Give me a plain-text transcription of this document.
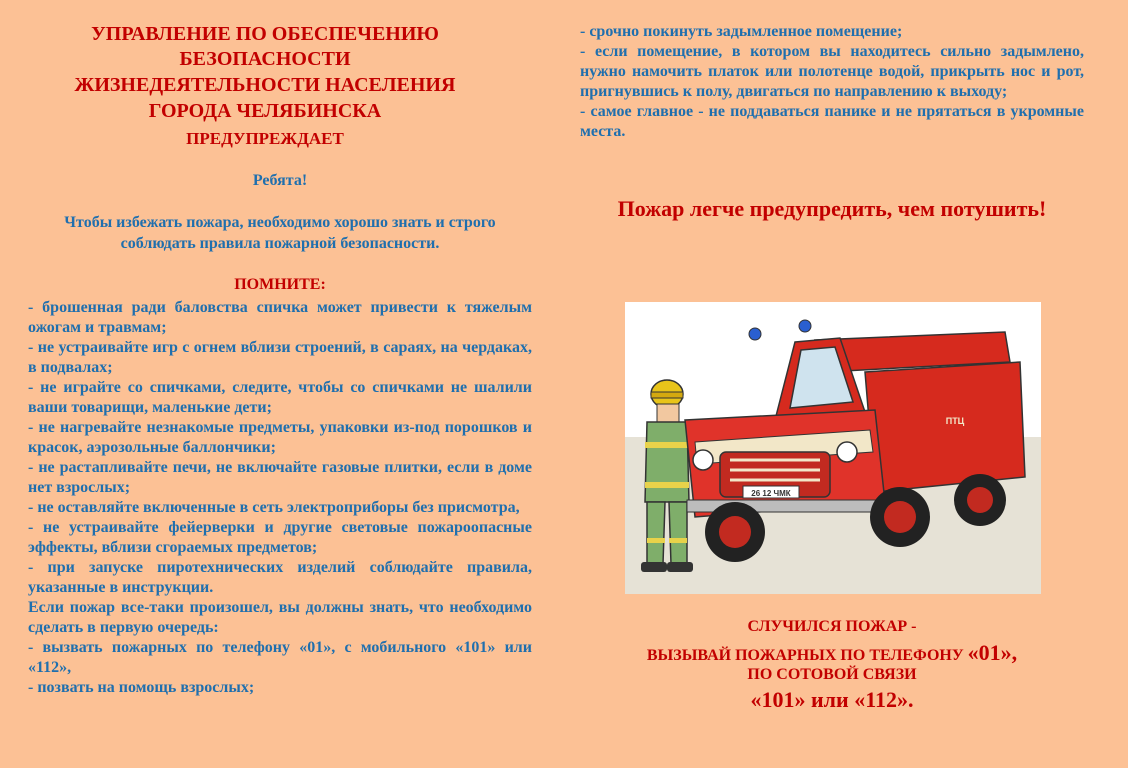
УПРАВЛЕНИЕ ПО ОБЕСПЕЧЕНИЮ
БЕЗОПАСНОСТИ
ЖИЗНЕДЕЯТЕЛЬНОСТИ НАСЕЛЕНИЯ
ГОРОДА ЧЕЛЯБИНСКА
ПРЕДУПРЕЖДАЕТ
Ребята!
Чтобы избежать пожара, необходимо хорошо знать и строго соблюдать правила пожарной безопасности.
ПОМНИТЕ:

- брошенная ради баловства спичка может привести к тяжелым ожогам и травмам;

- не устраивайте игр с огнем вблизи строений, в сараях, на чердаках, в подвалах;

- не играйте со спичками, следите, чтобы со спичками не шалили ваши товарищи, маленькие дети;

- не нагревайте незнакомые предметы, упаковки из-под порошков и красок, аэрозольные баллончики;

- не растапливайте печи, не включайте газовые плитки, если в доме нет взрослых;

- не оставляйте включенные в сеть электроприборы без присмотра,

- не устраивайте фейерверки и другие световые пожароопасные эффекты, вблизи сгораемых предметов;

- при запуске пиротехнических изделий соблюдайте правила, указанные в инструкции.

Если пожар все-таки произошел, вы должны знать, что необходимо сделать в первую очередь:

- вызвать пожарных по телефону «01», с мобильного «101» или «112»,

- позвать на помощь взрослых;

- срочно покинуть задымленное помещение;

- если помещение, в котором вы находитесь сильно задымлено, нужно намочить платок или полотенце водой, прикрыть нос и рот, пригнувшись к полу, двигаться по направлению к выходу;

- самое главное - не поддаваться панике и не прятаться в укромные места.

Пожар легче предупредить, чем потушить!
26 12 ЧМК
ПТЦ
СЛУЧИЛСЯ ПОЖАР -
ВЫЗЫВАЙ ПОЖАРНЫХ ПО ТЕЛЕФОНУ «01»,
ПО СОТОВОЙ СВЯЗИ
«101» или «112».
